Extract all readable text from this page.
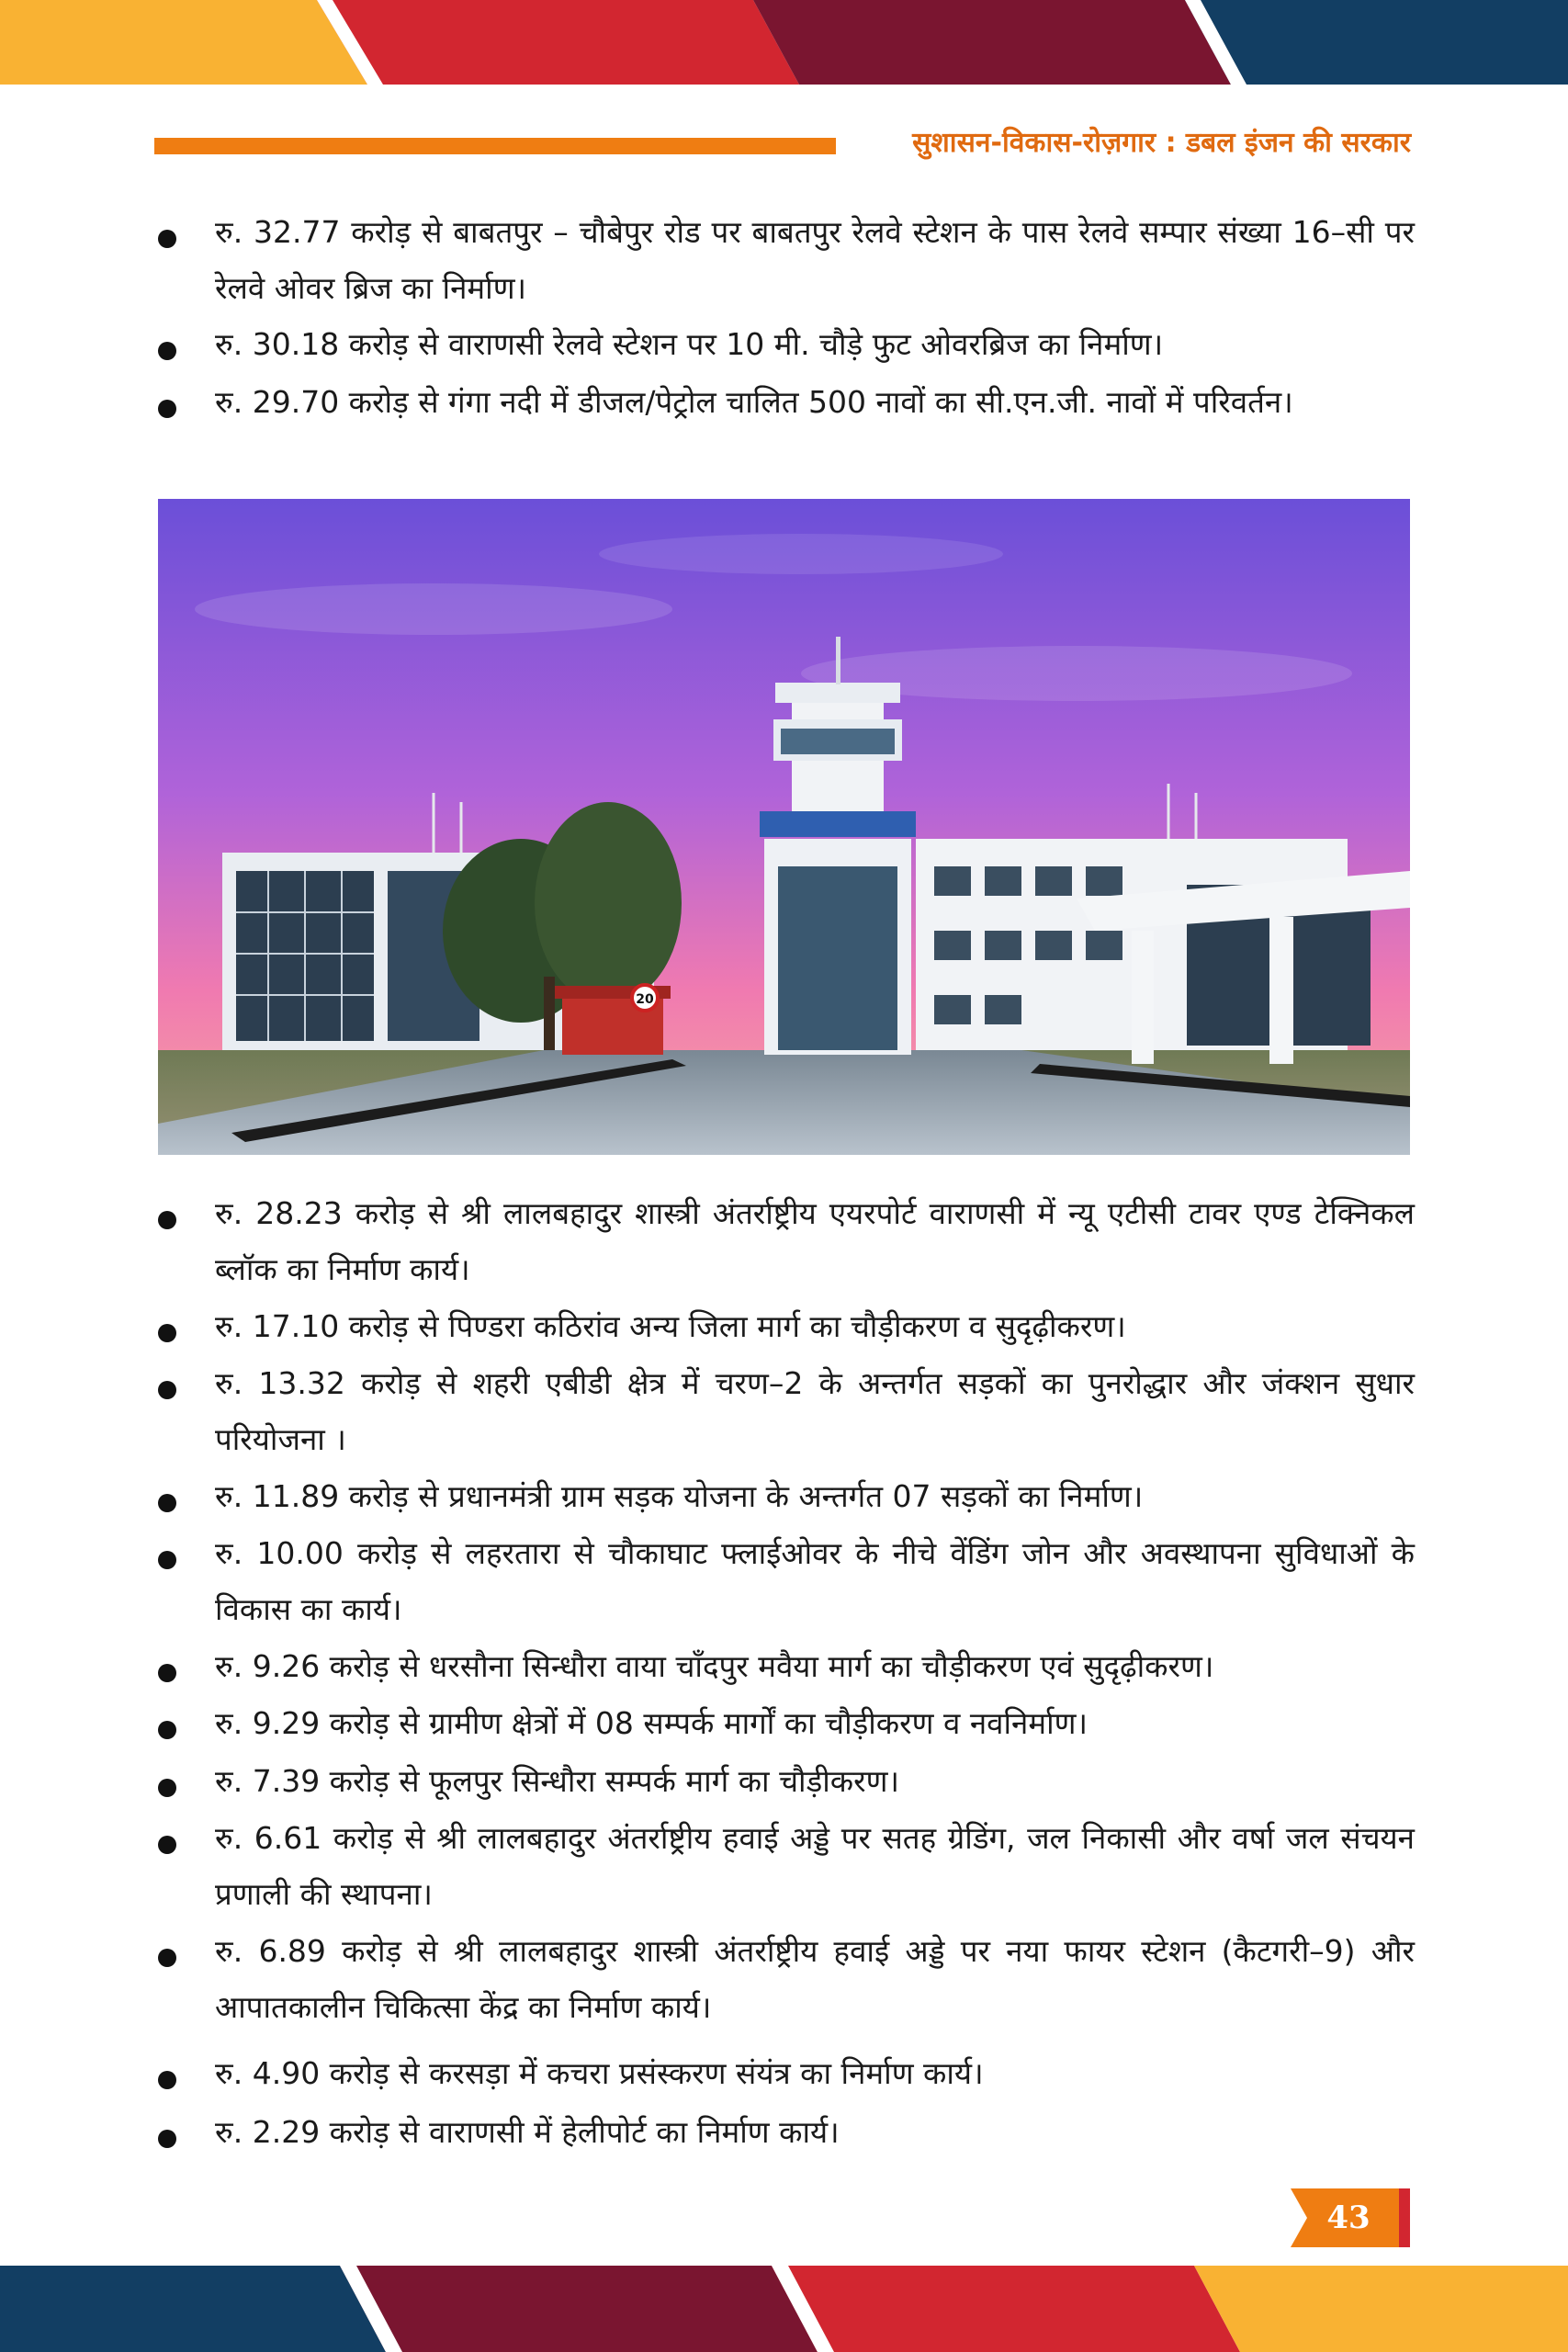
सुशासन-विकास-रोज़गार : डबल इंजन की सरकार
रु. 32.77 करोड़ से बाबतपुर – चौबेपुर रोड पर बाबतपुर रेलवे स्टेशन के पास रेलवे सम्पार संख्या 16–सी पर रेलवे ओवर ब्रिज का निर्माण।
रु. 30.18 करोड़ से वाराणसी रेलवे स्टेशन पर 10 मी. चौड़े फुट ओवरब्रिज का निर्माण।
रु. 29.70 करोड़ से गंगा नदी में डीजल/पेट्रोल चालित 500 नावों का सी.एन.जी. नावों में परिवर्तन।
रु. 28.23 करोड़ से श्री लालबहादुर शास्त्री अंतर्राष्ट्रीय एयरपोर्ट वाराणसी में न्यू एटीसी टावर एण्ड टेक्निकल ब्लॉक का निर्माण कार्य।
रु. 17.10 करोड़ से पिण्डरा कठिरांव अन्य जिला मार्ग का चौड़ीकरण व सुदृढ़ीकरण।
रु. 13.32 करोड़ से शहरी एबीडी क्षेत्र में चरण–2 के अन्तर्गत सड़कों का पुनरोद्धार और जंक्शन सुधार परियोजना ।
रु. 11.89 करोड़ से प्रधानमंत्री ग्राम सड़क योजना के अन्तर्गत 07 सड़कों का निर्माण।
रु. 10.00 करोड़ से लहरतारा से चौकाघाट फ्लाईओवर के नीचे वेंडिंग जोन और अवस्थापना सुविधाओं के विकास का कार्य।
रु. 9.26 करोड़ से धरसौना सिन्धौरा वाया चाँदपुर मवैया मार्ग का चौड़ीकरण एवं सुदृढ़ीकरण।
रु. 9.29 करोड़ से ग्रामीण क्षेत्रों में 08 सम्पर्क मार्गों का चौड़ीकरण व नवनिर्माण।
रु. 7.39 करोड़ से फूलपुर सिन्धौरा सम्पर्क मार्ग का चौड़ीकरण।
रु. 6.61 करोड़ से श्री लालबहादुर अंतर्राष्ट्रीय हवाई अड्डे पर सतह ग्रेडिंग, जल निकासी और वर्षा जल संचयन प्रणाली की स्थापना।
रु. 6.89 करोड़ से श्री लालबहादुर शास्त्री अंतर्राष्ट्रीय हवाई अड्डे पर नया फायर स्टेशन (कैटगरी–9) और आपातकालीन चिकित्सा केंद्र का निर्माण कार्य।
रु. 4.90 करोड़ से करसड़ा में कचरा प्रसंस्करण संयंत्र का निर्माण कार्य।
रु. 2.29 करोड़ से वाराणसी में हेलीपोर्ट का निर्माण कार्य।
20
43
